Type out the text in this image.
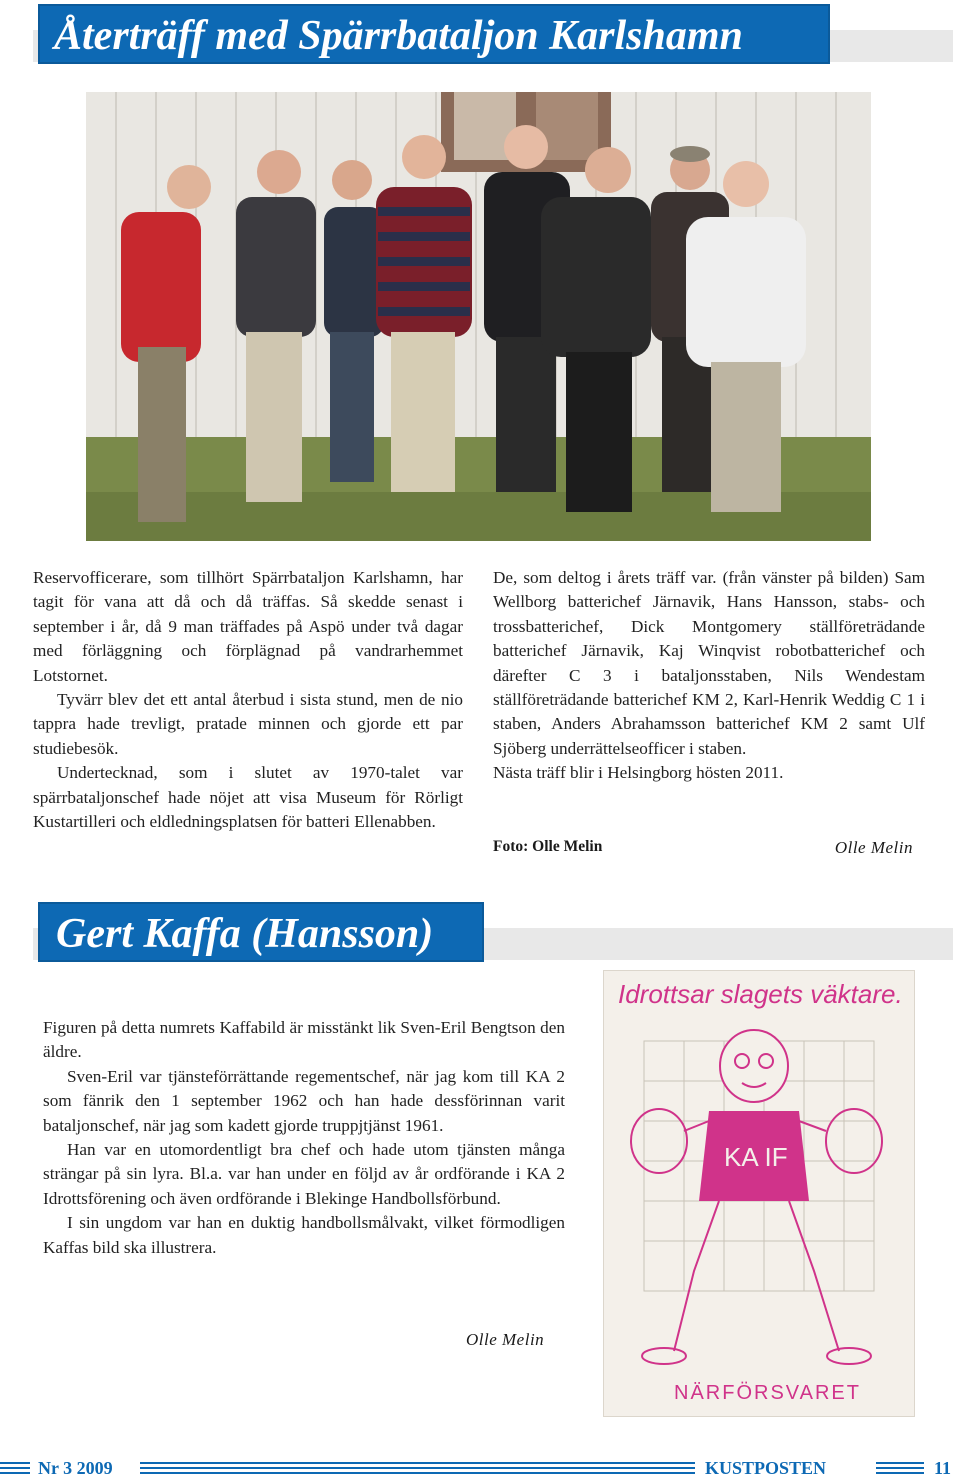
Återträff med Spärrbataljon Karlshamn

Reservofficerare, som tillhört Spärrbataljon Karlshamn, har tagit för vana att då och då träffas. Så skedde senast i september i år, då 9 man träffades på Aspö under två dagar med förläggning och förplägnad på vandrarhemmet Lotstornet.

Tyvärr blev det ett antal återbud i sista stund, men de nio tappra hade trevligt, pratade minnen och gjorde ett par studiebesök.

Undertecknad, som i slutet av 1970-talet var spärrbataljonschef hade nöjet att visa Museum för Rörligt Kustartilleri och eldledningsplatsen för batteri Ellenabben.

De, som deltog i årets träff var. (från vänster på bilden) Sam Wellborg batterichef Järnavik, Hans Hansson, stabs- och trossbatterichef, Dick Montgomery ställföreträdande batterichef Järnavik, Kaj Winqvist robotbatterichef och därefter C 3 i bataljonsstaben, Nils Wendestam ställföreträdande batterichef KM 2, Karl-Henrik Weddig C 1 i staben, Anders Abrahamsson batterichef KM 2 samt Ulf Sjöberg underrättelseofficer i staben.

Nästa träff blir i Helsingborg hösten 2011.

Foto: Olle Melin	Olle Melin
Gert Kaffa (Hansson)

Figuren på detta numrets Kaffabild är misstänkt lik Sven-Eril Bengtson den äldre.

Sven-Eril var tjänsteförrättande regementschef, när jag kom till KA 2 som fänrik den 1 september 1962 och han hade dessförinnan varit bataljonschef, när jag som kadett gjorde truppjtjänst 1961.

Han var en utomordentligt bra chef och hade utom tjänsten många strängar på sin lyra. Bl.a. var han under en följd av år ordförande i KA 2 Idrottsförening och även ordförande i Blekinge Handbollsförbund.

I sin ungdom var han en duktig handbollsmålvakt, vilket förmodligen Kaffas bild ska illustrera.

Olle Melin
Idrottsar slagets väktare.
KA IF
NÄRFÖRSVARET
Nr 3 2009	KUSTPOSTEN	11
